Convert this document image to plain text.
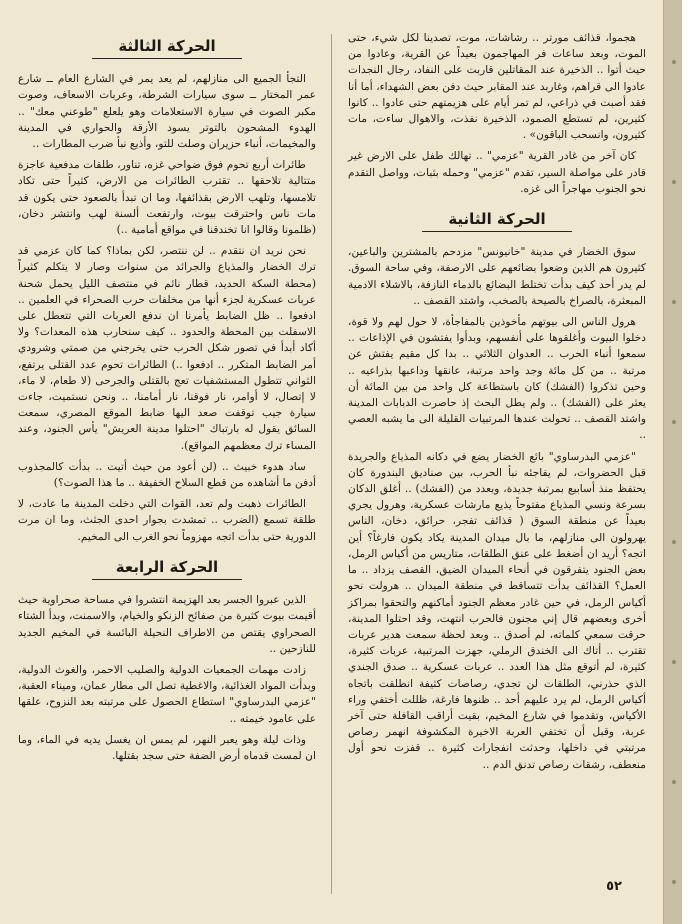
هجموا، قذائف مورتر .. رشاشات، موت، تصدينا لكل شيء، حتى الموت، وبعد ساعات فر المهاجمون بعيداً عن القرية، وعادوا من حيث أتوا .. الذخيرة عند المقاتلين قاربت على النفاد، رجال النجدات عادوا الى قراهم، وغاربد عند المقابر حيث دفن بعض الشهداء، أما أنا فقد أصبت في ذراعي، لم تمر أيام على هزيمتهم حتى عادوا .. كانوا كثيرين، لم تستطع الصمود، الذخيرة نفذت، والاهوال ساءت، مات كثيرون، وانسحب الباقون» .

كان آخر من غادر القرية "عزمي" .. تهالك طفل على الارض غير قادر على مواصلة السير، تقدم "عزمي" وحمله بثبات، وواصل التقدم نحو الجنوب مهاجراً الى غزه.

الحركة الثانية

سوق الخضار في مدينة "خانيونس" مزدحم بالمشترين والباعين، كثيرون هم الذين وضعوا بضائعهم على الارصفة، وفي ساحة السوق. لم يدر أحد كيف بدأت تختلط البضائع بالدماء النازفة، بالاشلاء الادمية المبعثرة، بالصراخ بالصيحة بالصخب، واشتد القصف ..

هرول الناس الى بيوتهم مأخوذين بالمفاجأة، لا حول لهم ولا قوة، دخلوا البيوت وأغلقوها على أنفسهم، وبدأوا يفتشون في الإذاعات .. سمعوا أنباء الحرب .. العدوان الثلاثي .. بدا كل مقيم يفتش عن مرتبة .. من كل مائة وجد واحد مرتبة، عانقها وداعبها بذراعيه .. وحين تذكروا (الفشك) كان باستطاعة كل واحد من بين المائة أن يعثر على (الفشك) .. ولم يطل البحث إذ حاصرت الدبابات المدينة واشتد القصف .. تحولت عندها المرتبيات القليلة الى ما يشبه العصي ..

"عزمي البدرساوي" بائع الخضار يضع في دكانه المذياع والجريدة قبل الحضروات، لم يفاجئه نبأ الحرب، بين صناديق البندورة كان يحتفظ منذ أسابيع بمرتبة جديدة، وبعدد من (الفشك) .. أغلق الدكان بسرعة ونسي المذياع مفتوحاً يذيع مارشات عسكرية، وهرول يجري بعيداً عن منطقة السوق ( قذائف تفجر، حرائق، دخان، الناس يهرولون الى منازلهم، ما بال ميدان المدينة يكاد يكون فارغاً؟ أين اتجه؟ أريد ان أضغط على عنق الطلقات، متاريس من أكياس الرمل، بعض الجنود يتفرقون في أنحاء الميدان الضيق، القصف يزداد .. ما العمل؟ القذائف بدأت تتساقط في منطقة الميدان .. هرولت نحو أكياس الرمل، في حين غادر معظم الجنود أماكنهم والتحقوا بمراكز أخرى وبعضهم قال إني مجنون فالحرب انتهت، وقد احتلوا المدينة، حرقت سمعي كلماته، لم أصدق .. وبعد لحظة سمعت هدير عربات تقترب .. أتاك الى الخندق الرملي، جهزت المرتبية، عربات كثيرة، كثيرة، لم أتوقع مثل هذا العدد .. عربات عسكرية .. صدق الجندي الذي حذرني، الطلقات لن تجدي، رصاصات كثيفة انطلقت باتجاه أكياس الرمل، لم يرد عليهم أحد .. ظنوها فارغة، ظللت أختفي وراء الأكياس، وتقدموا في شارع المخيم، بقيت أراقب القافلة حتى آخر عربة، وقبل أن تختفي العربة الاخيرة المكشوفة انهمر رصاص مرتبتي في داخلها، وحدثت انفجارات كثيرة .. قفزت نحو أول منعطف، رشقات رصاص تدنق الدم ..

الحركة الثالثة

التجأ الجميع الى منازلهم، لم يعد يمر في الشارع العام ــ شارع عمر المختار ــ سوى سيارات الشرطة، وعربات الاسعاف، وصوت مكبر الصوت في سيارة الاستعلامات وهو يلعلع "طوعني معك" .. الهدوء المشحون بالتوتر يسود الأزقة والحواري في المدينة والمخيمات، أنباء حزيران وصلت للتو، وأذيع نبأ ضرب المطارات ..

طائرات أربع تحوم فوق ضواحي غزه، تناور، طلقات مدفعية عاجزة متتالية تلاحقها .. تقترب الطائرات من الارض، كثيراً حتى تكاد تلامسها، وتلهب الارض بقذائفها، وما ان تبدأ بالصعود حتى يكون قد مات ناس واحترقت بيوت، وارتفعت ألسنة لهب وانتشر دخان، (ظلمونا وقالوا انا تخندقنا في مواقع أمامية ..)

نحن نريد ان نتقدم .. لن ننتصر، لكن بماذا؟ كما كان عزمي قد ترك الخضار والمذياع والجرائد من سنوات وصار لا يتكلم كثيراً (محطة السكة الحديد، قطار نائم في منتصف الليل يحمل شحنة عربات عسكرية لجزء أنها من مخلفات حرب الصحراء في العلمين .. ادفعوا .. ظل الضابط يأمرنا ان ندفع العربات التي تتعطل على الاسفلت بين المحطة والحدود .. كيف سنحارب هذه المعدات؟ ولا أكاد أبدأ في تصور شكل الحرب حتى يخرجني من صمتي وشرودي أمر الضابط المتكرر .. ادفعوا ..) الطائرات تحوم عدد القتلى يرتفع، الثواني تتطول المستشفيات تعج بالقتلى والجرحى (لا طعام، لا ماء، لا إتصال، لا أوامر، نار فوقنا، نار أمامنا، .. ونحن نستميت، جاءت سيارة جيب توقفت صعد اليها ضابط الموقع المصري، سمعت السائق يقول له بارتباك "احتلوا مدينة العريش" يأس الجنود، وعند المساء ترك معظمهم المواقع).

ساد هدوء خبيث .. (لن أعود من حيث أتيت .. بدأت كالمجذوب أدفن ما أشاهده من قطع السلاح الخفيفة .. ما هذا الصوت؟)

الطائرات ذهبت ولم تعد، القوات التي دخلت المدينة ما عادت، لا طلقة تسمع (الضرب .. تمشدت بجوار احدى الجثث، وما ان مرت الدورية حتى بدأت اتجه مهزوماً نحو الغرب الى المخيم.

الحركة الرابعة

الذين عبروا الجسر بعد الهزيمة انتشروا في مساحة صحراوية حيث أقيمت بيوت كثيرة من صفائح الزنكو والخيام، والاسمنت، وبدأ الشتاء الصحراوي يقتص من الاطراف النحيلة البائسة في المخيم الجديد للنازحين ..

زادت مهمات الجمعيات الدولية والصليب الاحمر، والغوث الدولية، وبدأت المواد الغذائية، والاغطية تصل الى مطار عمان، وميناء العقبة، "عزمي البدرساوي" استطاع الحصول على مرتبته بعد النزوح، علقها على عامود خيمته ..

وذات ليلة وهو يعبر النهر، لم يمس ان يغسل يديه في الماء، وما ان لمست قدماه أرض الضفة حتى سجد بقتلها.

٥٢
